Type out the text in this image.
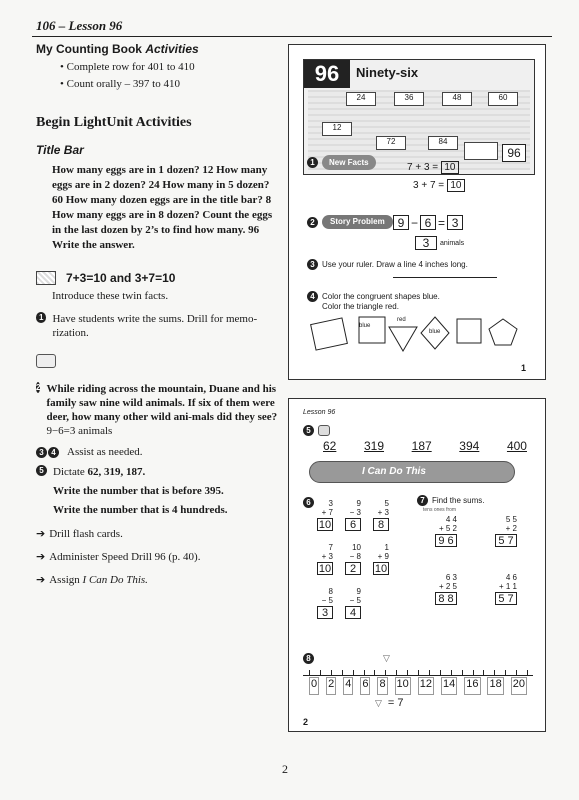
106 – Lesson 96
My Counting Book Activities
• Complete row for 401 to 410
• Count orally – 397 to 410
Begin LightUnit Activities
Title Bar
How many eggs are in 1 dozen? 12 How many eggs are in 2 dozen? 24 How many in 5 dozen? 60 How many dozen eggs are in the title bar? 8 How many eggs are in 8 dozen? Count the eggs in the last dozen by 2’s to find how many. 96 Write the answer.
7+3=10 and 3+7=10
Introduce these twin facts.
1 Have students write the sums. Drill for memo-rization.
2 While riding across the mountain, Duane and his family saw nine wild animals. If six of them were deer, how many other wild ani-mals did they see? 9−6=3 animals
3 4	Assist as needed.
5 Dictate 62, 319, 187.
Write the number that is before 395.
Write the number that is 4 hundreds.
➔ Drill flash cards.
➔ Administer Speed Drill 96 (p. 40).
➔ Assign I Can Do This.
96	Ninety-six
24	36	48	60
12
72	84
96
1	New Facts	7 + 3 = 10
3 + 7 = 10
2	Story Problem	9 − 6 = 3
3	animals
3 Use your ruler. Draw a line 4 inches long.
4 Color the congruent shapes blue.
Color the triangle red.
blue
red
blue
1
Lesson 96
5
62 319 187 394 400
I Can Do This
6	3
+ 7
10
9
− 3
6
5
+ 3
8
7
+ 3
10
10
− 8
2
1
+ 9
10
8
− 5
3
9
− 5
4
7 Find the sums.
tens ones from
4 4
+ 5 2
9 6
5 5
+ 2
5 7
6 3
+ 2 5
8 8
4 6
+ 1 1
5 7
8	▽
0 2 4 6 8 10 12 14 16 18 20
▽ = 7
2
2
